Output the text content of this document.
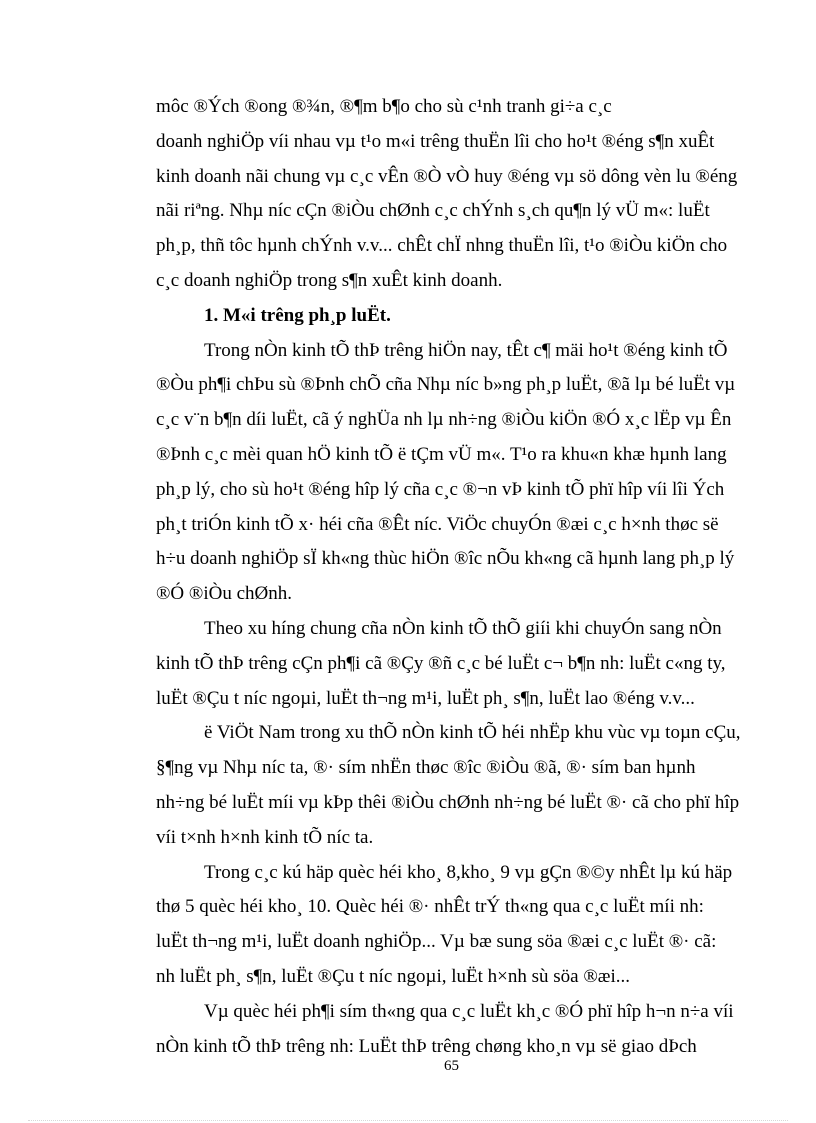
môc ®Ých ®ong ®¾n, ®¶m b¶o cho sù c¹nh tranh gi÷a c¸c
doanh nghiÖp víi nhau vµ t¹o m«i trêng thuËn lîi cho ho¹t ®éng s¶n xuÊt
kinh doanh nãi chung vµ c¸c vÊn ®Ò vÒ huy ®éng vµ sö dông vèn lu ®éng
nãi riªng. Nhµ níc cÇn ®iÒu chØnh c¸c chÝnh s¸ch qu¶n lý vÜ m«: luËt
ph¸p, thñ tôc hµnh chÝnh v.v... chÊt chÏ nhng thuËn lîi, t¹o ®iÒu kiÖn cho
c¸c doanh nghiÖp trong s¶n xuÊt kinh doanh.

1. M«i trêng ph¸p luËt.

Trong nÒn kinh tÕ thÞ trêng hiÖn nay, tÊt c¶ mäi ho¹t ®éng kinh tÕ
®Òu ph¶i chÞu sù ®Þnh chÕ cña Nhµ níc b»ng ph¸p luËt, ®ã lµ bé luËt vµ
c¸c v¨n b¶n díi luËt, cã ý nghÜa nh lµ nh÷ng ®iÒu kiÖn ®Ó x¸c lËp vµ Ên
®Þnh c¸c mèi quan hÖ kinh tÕ ë tÇm vÜ m«. T¹o ra khu«n khæ hµnh lang
ph¸p lý, cho sù ho¹t ®éng hîp lý cña c¸c ®¬n vÞ kinh tÕ phï hîp víi lîi Ých
ph¸t triÓn kinh tÕ x· héi cña ®Êt níc. ViÖc chuyÓn ®æi c¸c h×nh thøc së
h÷u doanh nghiÖp sÏ kh«ng thùc hiÖn ®îc nÕu kh«ng cã hµnh lang ph¸p lý
®Ó ®iÒu chØnh.

Theo xu híng chung cña nÒn kinh tÕ thÕ giíi khi chuyÓn sang nÒn
kinh tÕ thÞ trêng cÇn ph¶i cã ®Çy ®ñ c¸c bé luËt c¬ b¶n nh: luËt c«ng ty,
luËt ®Çu t níc ngoµi, luËt th¬ng m¹i, luËt ph¸ s¶n, luËt lao ®éng v.v...

ë ViÖt Nam trong xu thÕ nÒn kinh tÕ héi nhËp khu vùc vµ toµn cÇu,
§¶ng vµ Nhµ níc ta, ®· sím nhËn thøc ®îc ®iÒu ®ã, ®· sím ban hµnh
nh÷ng bé luËt míi vµ kÞp thêi ®iÒu chØnh nh÷ng bé luËt ®· cã cho phï hîp
víi t×nh h×nh kinh tÕ níc ta.

Trong c¸c kú häp quèc héi kho¸ 8,kho¸ 9 vµ gÇn ®©y nhÊt lµ kú häp
thø 5 quèc héi kho¸ 10. Quèc héi ®· nhÊt trÝ th«ng qua c¸c luËt míi nh:
luËt th¬ng m¹i, luËt doanh nghiÖp... Vµ bæ sung söa ®æi c¸c luËt ®· cã:
nh luËt ph¸ s¶n, luËt ®Çu t níc ngoµi, luËt h×nh sù söa ®æi...

Vµ quèc héi ph¶i sím th«ng qua c¸c luËt kh¸c ®Ó phï hîp h¬n n÷a víi
nÒn kinh tÕ thÞ trêng nh: LuËt thÞ trêng chøng kho¸n vµ së giao dÞch

65
